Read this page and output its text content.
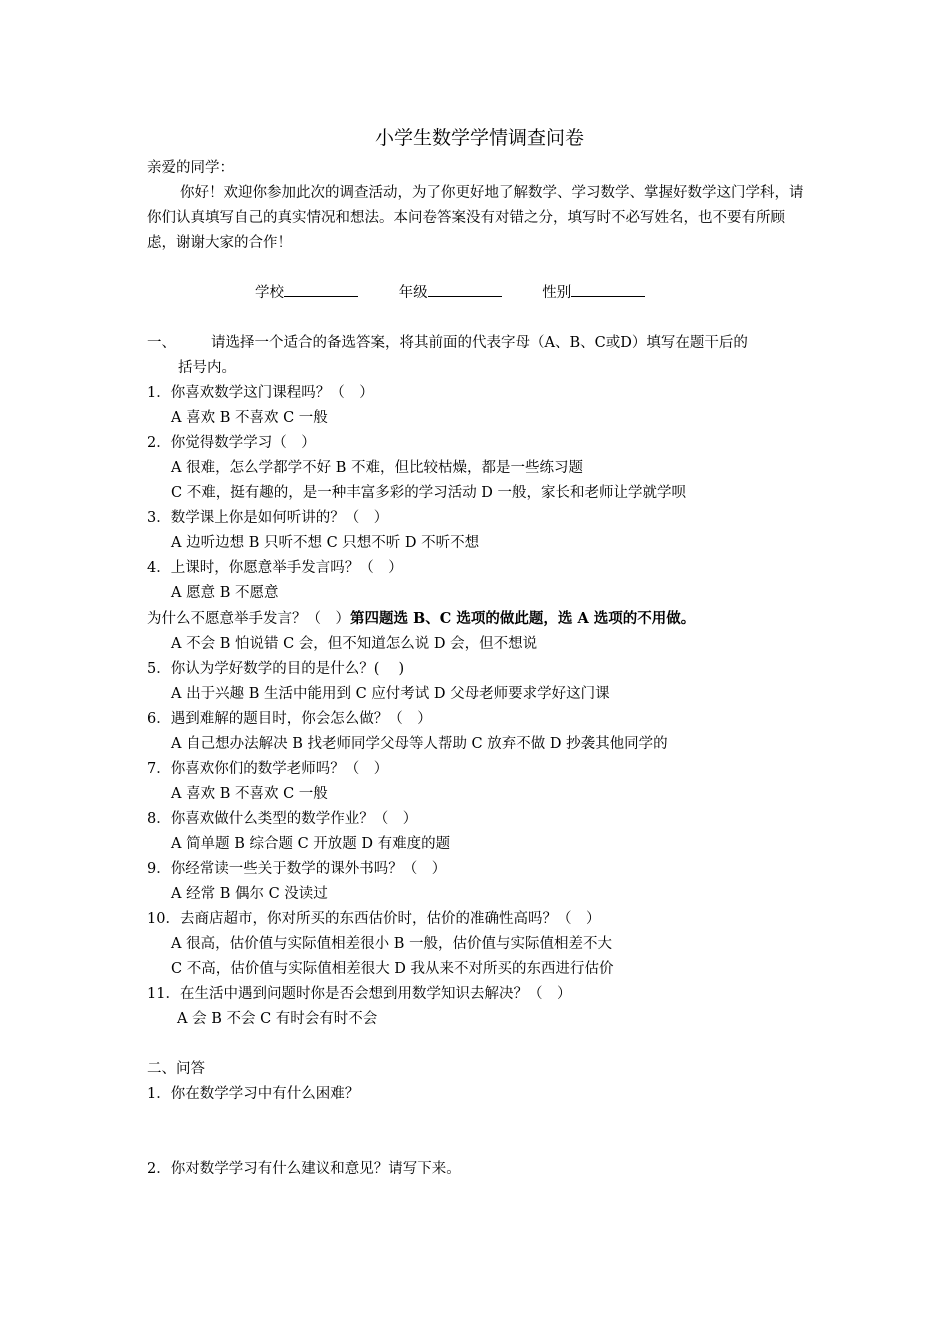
小学生数学学情调查问卷
亲爱的同学：
你好！欢迎你参加此次的调查活动，为了你更好地了解数学、学习数学、掌握好数学这门学科，请你们认真填写自己的真实情况和想法。本问卷答案没有对错之分，填写时不必写姓名，也不要有所顾虑，谢谢大家的合作！
学校	年级	性别
一、	请选择一个适合的备选答案，将其前面的代表字母（A、B、C或D）填写在题干后的
括号内。
1．你喜欢数学这门课程吗？（　）
A 喜欢 B 不喜欢 C 一般
2．你觉得数学学习（　）
A 很难，怎么学都学不好 B 不难，但比较枯燥，都是一些练习题
C 不难，挺有趣的，是一种丰富多彩的学习活动 D 一般，家长和老师让学就学呗
3．数学课上你是如何听讲的？（　）
A 边听边想 B 只听不想 C 只想不听 D 不听不想
4．上课时，你愿意举手发言吗？（　）
A 愿意 B 不愿意
为什么不愿意举手发言？（　）第四题选 B、C 选项的做此题，选 A 选项的不用做。
A 不会 B 怕说错 C 会，但不知道怎么说 D 会，但不想说
5．你认为学好数学的目的是什么？(　 )
A 出于兴趣 B 生活中能用到 C 应付考试 D 父母老师要求学好这门课
6．遇到难解的题目时，你会怎么做？（　）
A 自己想办法解决 B 找老师同学父母等人帮助 C 放弃不做 D 抄袭其他同学的
7．你喜欢你们的数学老师吗？（　）
A 喜欢 B 不喜欢 C 一般
8．你喜欢做什么类型的数学作业？（　）
A 简单题 B 综合题 C 开放题 D 有难度的题
9．你经常读一些关于数学的课外书吗？（　）
A 经常 B 偶尔 C 没读过
10．去商店超市，你对所买的东西估价时，估价的准确性高吗？（　）
A 很高，估价值与实际值相差很小 B 一般，估价值与实际值相差不大
C 不高，估价值与实际值相差很大 D 我从来不对所买的东西进行估价
11．在生活中遇到问题时你是否会想到用数学知识去解决？（　）
A 会 B 不会 C 有时会有时不会
二、问答
1．你在数学学习中有什么困难？
2．你对数学学习有什么建议和意见？请写下来。
